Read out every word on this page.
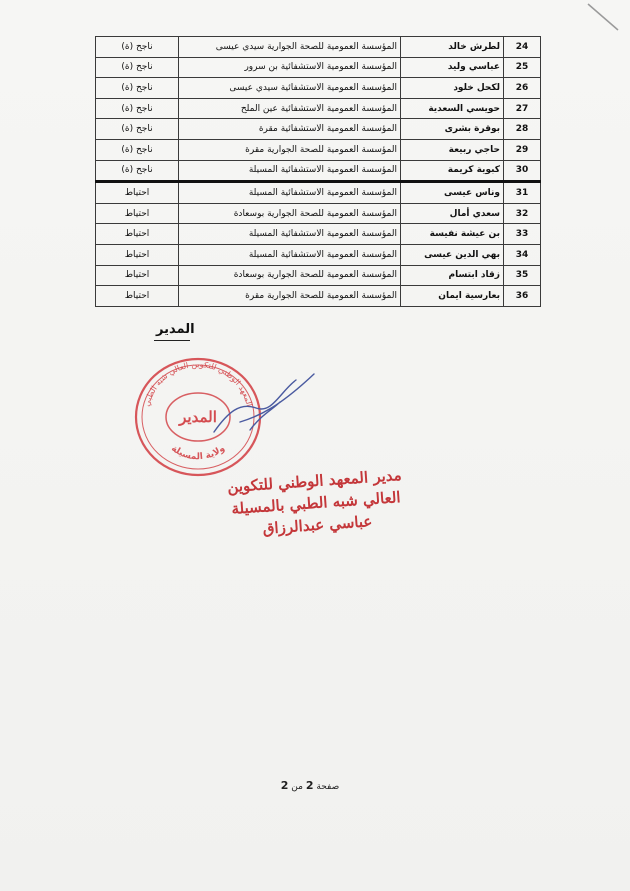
24	لطرش خالد	المؤسسة العمومية للصحة الجوارية سيدي عيسى	ناجح (ة)
25	عباسي وليد	المؤسسة العمومية الاستشفائية بن سرور	ناجح (ة)
26	لكحل خلود	المؤسسة العمومية الاستشفائية سيدي عيسى	ناجح (ة)
27	حويسي السعدية	المؤسسة العمومية الاستشفائية عين الملح	ناجح (ة)
28	بوقرة بشرى	المؤسسة العمومية الاستشفائية مقرة	ناجح (ة)
29	حاجي ربيعة	المؤسسة العمومية للصحة الجوارية مقرة	ناجح (ة)
30	كبوية كريمة	المؤسسة العمومية الاستشفائية المسيلة	ناجح (ة)
31	وناس عيسى	المؤسسة العمومية الاستشفائية المسيلة	احتياط
32	سعدي أمال	المؤسسة العمومية للصحة الجوارية بوسعادة	احتياط
33	بن عيشة نفيسة	المؤسسة العمومية الاستشفائية المسيلة	احتياط
34	بهي الدين عيسى	المؤسسة العمومية الاستشفائية المسيلة	احتياط
35	زقاد ابتسام	المؤسسة العمومية للصحة الجوارية بوسعادة	احتياط
36	بعارسية ايمان	المؤسسة العمومية للصحة الجوارية مقرة	احتياط
المدير
المعهد الوطني للتكوين العالي شبه الطبي
ولاية المسيلة
المدير
مدير المعهد الوطني للتكوين
العالي شبه الطبي بالمسيلة
عباسي عبدالرزاق
صفحة 2 من 2
